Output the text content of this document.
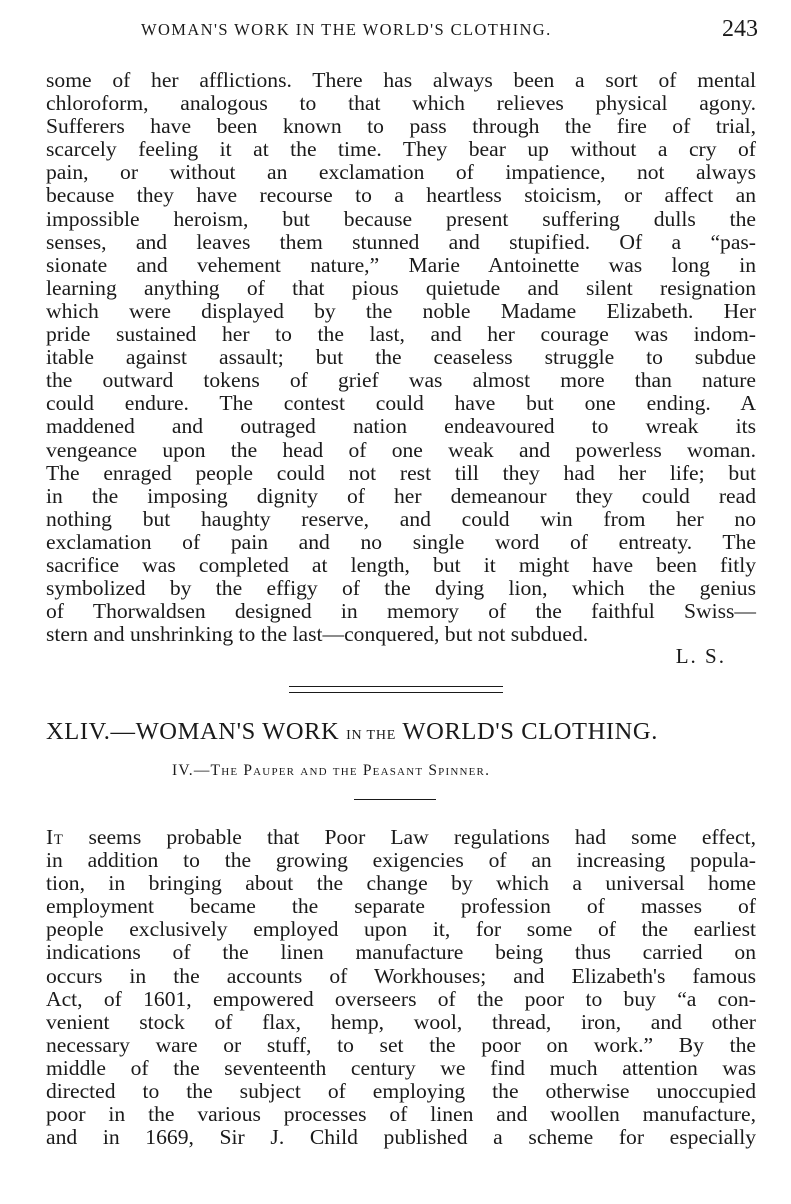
WOMAN'S WORK IN THE WORLD'S CLOTHING.	243
some of her afflictions. There has always been a sort of mental
chloroform, analogous to that which relieves physical agony.
Sufferers have been known to pass through the fire of trial,
scarcely feeling it at the time. They bear up without a cry of
pain, or without an exclamation of impatience, not always
because they have recourse to a heartless stoicism, or affect an
impossible heroism, but because present suffering dulls the
senses, and leaves them stunned and stupified. Of a “pas-
sionate and vehement nature,” Marie Antoinette was long in
learning anything of that pious quietude and silent resignation
which were displayed by the noble Madame Elizabeth. Her
pride sustained her to the last, and her courage was indom-
itable against assault; but the ceaseless struggle to subdue
the outward tokens of grief was almost more than nature
could endure. The contest could have but one ending. A
maddened and outraged nation endeavoured to wreak its
vengeance upon the head of one weak and powerless woman.
The enraged people could not rest till they had her life; but
in the imposing dignity of her demeanour they could read
nothing but haughty reserve, and could win from her no
exclamation of pain and no single word of entreaty. The
sacrifice was completed at length, but it might have been fitly
symbolized by the effigy of the dying lion, which the genius
of Thorwaldsen designed in memory of the faithful Swiss—
stern and unshrinking to the last—conquered, but not subdued.
L. S.
XLIV.—WOMAN'S WORK IN THE WORLD'S CLOTHING.
IV.—The Pauper and the Peasant Spinner.
It seems probable that Poor Law regulations had some effect,
in addition to the growing exigencies of an increasing popula-
tion, in bringing about the change by which a universal home
employment became the separate profession of masses of
people exclusively employed upon it, for some of the earliest
indications of the linen manufacture being thus carried on
occurs in the accounts of Workhouses; and Elizabeth's famous
Act, of 1601, empowered overseers of the poor to buy “a con-
venient stock of flax, hemp, wool, thread, iron, and other
necessary ware or stuff, to set the poor on work.” By the
middle of the seventeenth century we find much attention was
directed to the subject of employing the otherwise unoccupied
poor in the various processes of linen and woollen manufacture,
and in 1669, Sir J. Child published a scheme for especially
